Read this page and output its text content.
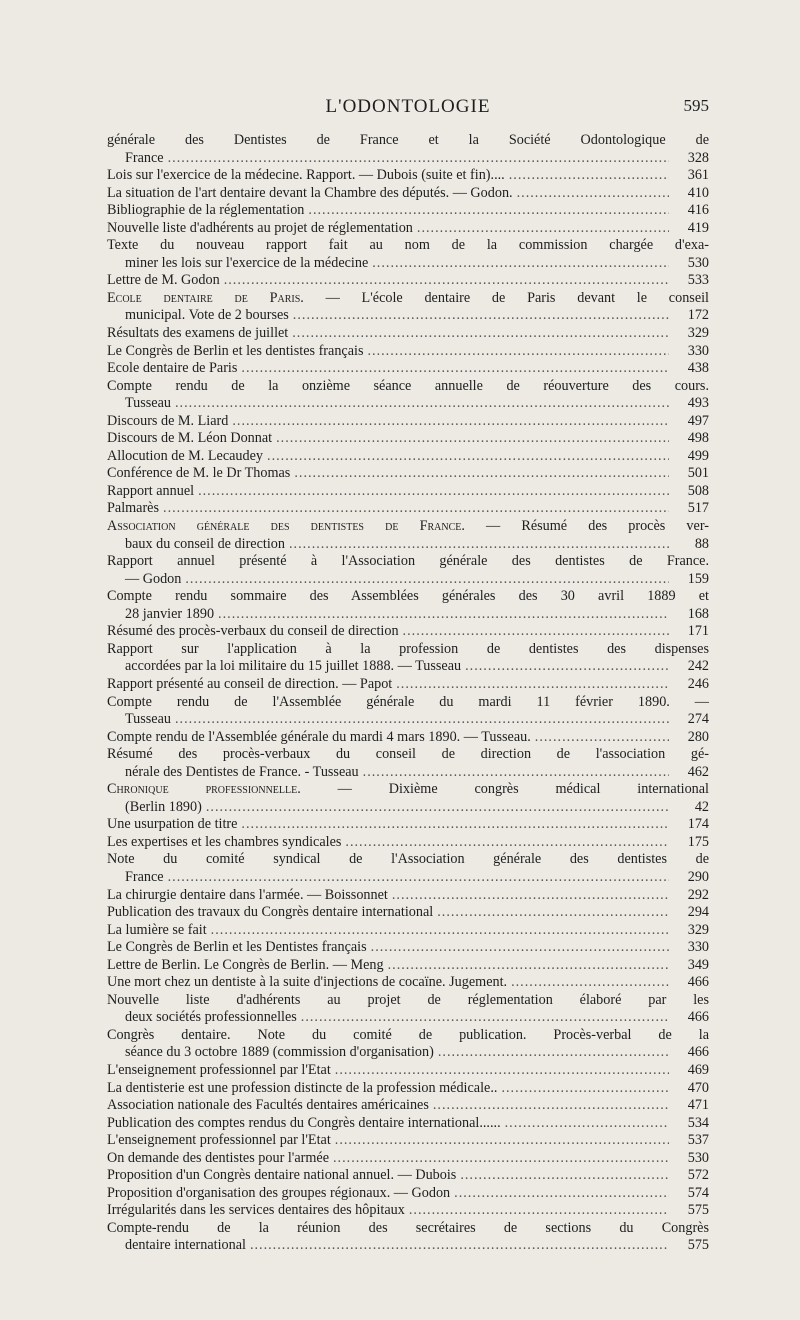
L'ODONTOLOGIE	595
générale des Dentistes de France et la Société Odontologique de
France .....	328
Lois sur l'exercice de la médecine. Rapport. — Dubois (suite et fin).... .....	361
La situation de l'art dentaire devant la Chambre des députés. — Godon. .....	410
Bibliographie de la réglementation .....	416
Nouvelle liste d'adhérents au projet de réglementation .....	419
Texte du nouveau rapport fait au nom de la commission chargée d'exa-
miner les lois sur l'exercice de la médecine .....	530
Lettre de M. Godon .....	533
Ecole dentaire de Paris. — L'école dentaire de Paris devant le conseil
municipal. Vote de 2 bourses .....	172
Résultats des examens de juillet .....	329
Le Congrès de Berlin et les dentistes français .....	330
Ecole dentaire de Paris .....	438
Compte rendu de la onzième séance annuelle de réouverture des cours.
Tusseau .....	493
Discours de M. Liard .....	497
Discours de M. Léon Donnat .....	498
Allocution de M. Lecaudey .....	499
Conférence de M. le Dr Thomas .....	501
Rapport annuel .....	508
Palmarès .....	517
Association générale des dentistes de France. — Résumé des procès ver-
baux du conseil de direction .....	88
Rapport annuel présenté à l'Association générale des dentistes de France.
— Godon .....	159
Compte rendu sommaire des Assemblées générales des 30 avril 1889 et
28 janvier 1890 .....	168
Résumé des procès-verbaux du conseil de direction .....	171
Rapport sur l'application à la profession de dentistes des dispenses
accordées par la loi militaire du 15 juillet 1888. — Tusseau .....	242
Rapport présenté au conseil de direction. — Papot .....	246
Compte rendu de l'Assemblée générale du mardi 11 février 1890. —
Tusseau .....	274
Compte rendu de l'Assemblée générale du mardi 4 mars 1890. — Tusseau. .....	280
Résumé des procès-verbaux du conseil de direction de l'association gé-
nérale des Dentistes de France. - Tusseau .....	462
Chronique professionnelle. — Dixième congrès médical international
(Berlin 1890) .....	42
Une usurpation de titre .....	174
Les expertises et les chambres syndicales .....	175
Note du comité syndical de l'Association générale des dentistes de
France .....	290
La chirurgie dentaire dans l'armée. — Boissonnet .....	292
Publication des travaux du Congrès dentaire international .....	294
La lumière se fait .....	329
Le Congrès de Berlin et les Dentistes français .....	330
Lettre de Berlin. Le Congrès de Berlin. — Meng .....	349
Une mort chez un dentiste à la suite d'injections de cocaïne. Jugement. .....	466
Nouvelle liste d'adhérents au projet de réglementation élaboré par les
deux sociétés professionnelles .....	466
Congrès dentaire. Note du comité de publication. Procès-verbal de la
séance du 3 octobre 1889 (commission d'organisation) .....	466
L'enseignement professionnel par l'Etat .....	469
La dentisterie est une profession distincte de la profession médicale.. .....	470
Association nationale des Facultés dentaires américaines .....	471
Publication des comptes rendus du Congrès dentaire international...... .....	534
L'enseignement professionnel par l'Etat .....	537
On demande des dentistes pour l'armée .....	530
Proposition d'un Congrès dentaire national annuel. — Dubois .....	572
Proposition d'organisation des groupes régionaux. — Godon .....	574
Irrégularités dans les services dentaires des hôpitaux .....	575
Compte-rendu de la réunion des secrétaires de sections du Congrès
dentaire international .....	575
